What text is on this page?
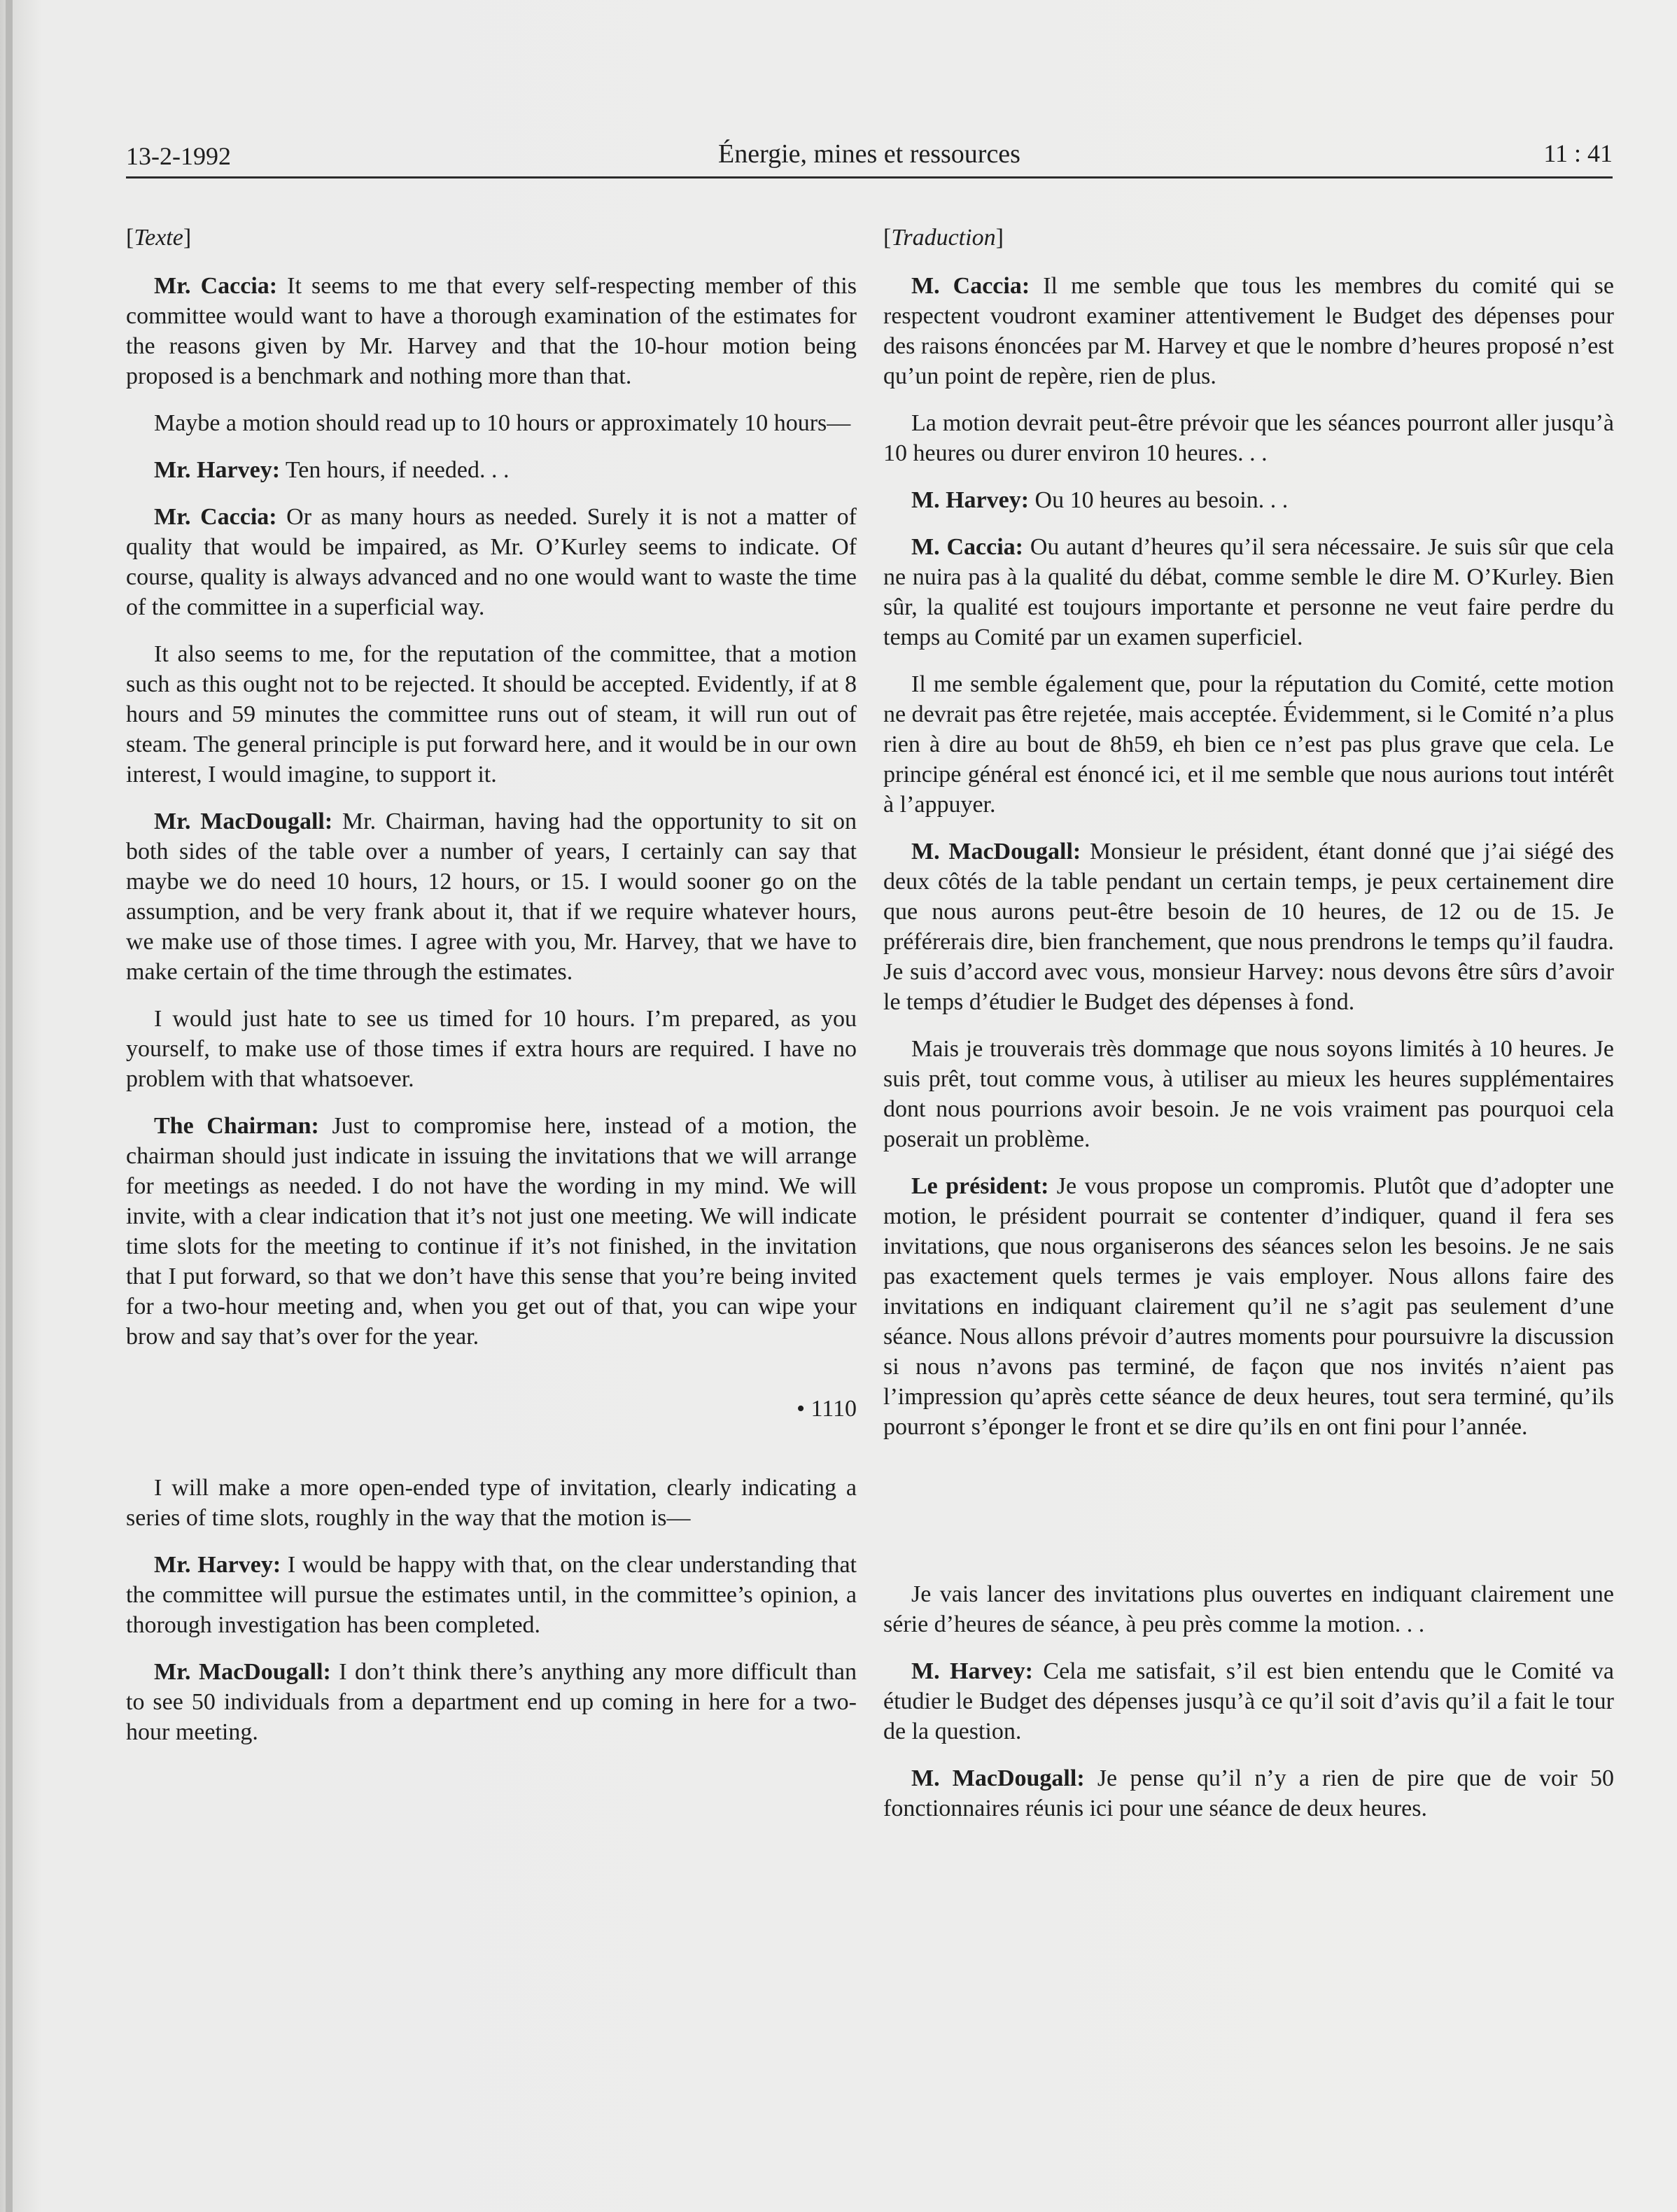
13-2-1992	Énergie, mines et ressources	11 : 41
[Texte]

Mr. Caccia: It seems to me that every self-respecting member of this committee would want to have a thorough examination of the estimates for the reasons given by Mr. Harvey and that the 10-hour motion being proposed is a benchmark and nothing more than that.

Maybe a motion should read up to 10 hours or approximately 10 hours—

Mr. Harvey: Ten hours, if needed. . .

Mr. Caccia: Or as many hours as needed. Surely it is not a matter of quality that would be impaired, as Mr. O’Kurley seems to indicate. Of course, quality is always advanced and no one would want to waste the time of the committee in a superficial way.

It also seems to me, for the reputation of the committee, that a motion such as this ought not to be rejected. It should be accepted. Evidently, if at 8 hours and 59 minutes the committee runs out of steam, it will run out of steam. The general principle is put forward here, and it would be in our own interest, I would imagine, to support it.

Mr. MacDougall: Mr. Chairman, having had the opportunity to sit on both sides of the table over a number of years, I certainly can say that maybe we do need 10 hours, 12 hours, or 15. I would sooner go on the assumption, and be very frank about it, that if we require whatever hours, we make use of those times. I agree with you, Mr. Harvey, that we have to make certain of the time through the estimates.

I would just hate to see us timed for 10 hours. I’m prepared, as you yourself, to make use of those times if extra hours are required. I have no problem with that whatsoever.

The Chairman: Just to compromise here, instead of a motion, the chairman should just indicate in issuing the invitations that we will arrange for meetings as needed. I do not have the wording in my mind. We will invite, with a clear indication that it’s not just one meeting. We will indicate time slots for the meeting to continue if it’s not finished, in the invitation that I put forward, so that we don’t have this sense that you’re being invited for a two-hour meeting and, when you get out of that, you can wipe your brow and say that’s over for the year.

• 1110

I will make a more open-ended type of invitation, clearly indicating a series of time slots, roughly in the way that the motion is—

Mr. Harvey: I would be happy with that, on the clear understanding that the committee will pursue the estimates until, in the committee’s opinion, a thorough investigation has been completed.

Mr. MacDougall: I don’t think there’s anything any more difficult than to see 50 individuals from a department end up coming in here for a two-hour meeting.

[Traduction]

M. Caccia: Il me semble que tous les membres du comité qui se respectent voudront examiner attentivement le Budget des dépenses pour des raisons énoncées par M. Harvey et que le nombre d’heures proposé n’est qu’un point de repère, rien de plus.

La motion devrait peut-être prévoir que les séances pourront aller jusqu’à 10 heures ou durer environ 10 heures. . .

M. Harvey: Ou 10 heures au besoin. . .

M. Caccia: Ou autant d’heures qu’il sera nécessaire. Je suis sûr que cela ne nuira pas à la qualité du débat, comme semble le dire M. O’Kurley. Bien sûr, la qualité est toujours importante et personne ne veut faire perdre du temps au Comité par un examen superficiel.

Il me semble également que, pour la réputation du Comité, cette motion ne devrait pas être rejetée, mais acceptée. Évidemment, si le Comité n’a plus rien à dire au bout de 8h59, eh bien ce n’est pas plus grave que cela. Le principe général est énoncé ici, et il me semble que nous aurions tout intérêt à l’appuyer.

M. MacDougall: Monsieur le président, étant donné que j’ai siégé des deux côtés de la table pendant un certain temps, je peux certainement dire que nous aurons peut-être besoin de 10 heures, de 12 ou de 15. Je préférerais dire, bien franchement, que nous prendrons le temps qu’il faudra. Je suis d’accord avec vous, monsieur Harvey: nous devons être sûrs d’avoir le temps d’étudier le Budget des dépenses à fond.

Mais je trouverais très dommage que nous soyons limités à 10 heures. Je suis prêt, tout comme vous, à utiliser au mieux les heures supplémentaires dont nous pourrions avoir besoin. Je ne vois vraiment pas pourquoi cela poserait un problème.

Le président: Je vous propose un compromis. Plutôt que d’adopter une motion, le président pourrait se contenter d’indiquer, quand il fera ses invitations, que nous organiserons des séances selon les besoins. Je ne sais pas exactement quels termes je vais employer. Nous allons faire des invitations en indiquant clairement qu’il ne s’agit pas seulement d’une séance. Nous allons prévoir d’autres moments pour poursuivre la discussion si nous n’avons pas terminé, de façon que nos invités n’aient pas l’impression qu’après cette séance de deux heures, tout sera terminé, qu’ils pourront s’éponger le front et se dire qu’ils en ont fini pour l’année.

Je vais lancer des invitations plus ouvertes en indiquant clairement une série d’heures de séance, à peu près comme la motion. . .

M. Harvey: Cela me satisfait, s’il est bien entendu que le Comité va étudier le Budget des dépenses jusqu’à ce qu’il soit d’avis qu’il a fait le tour de la question.

M. MacDougall: Je pense qu’il n’y a rien de pire que de voir 50 fonctionnaires réunis ici pour une séance de deux heures.
